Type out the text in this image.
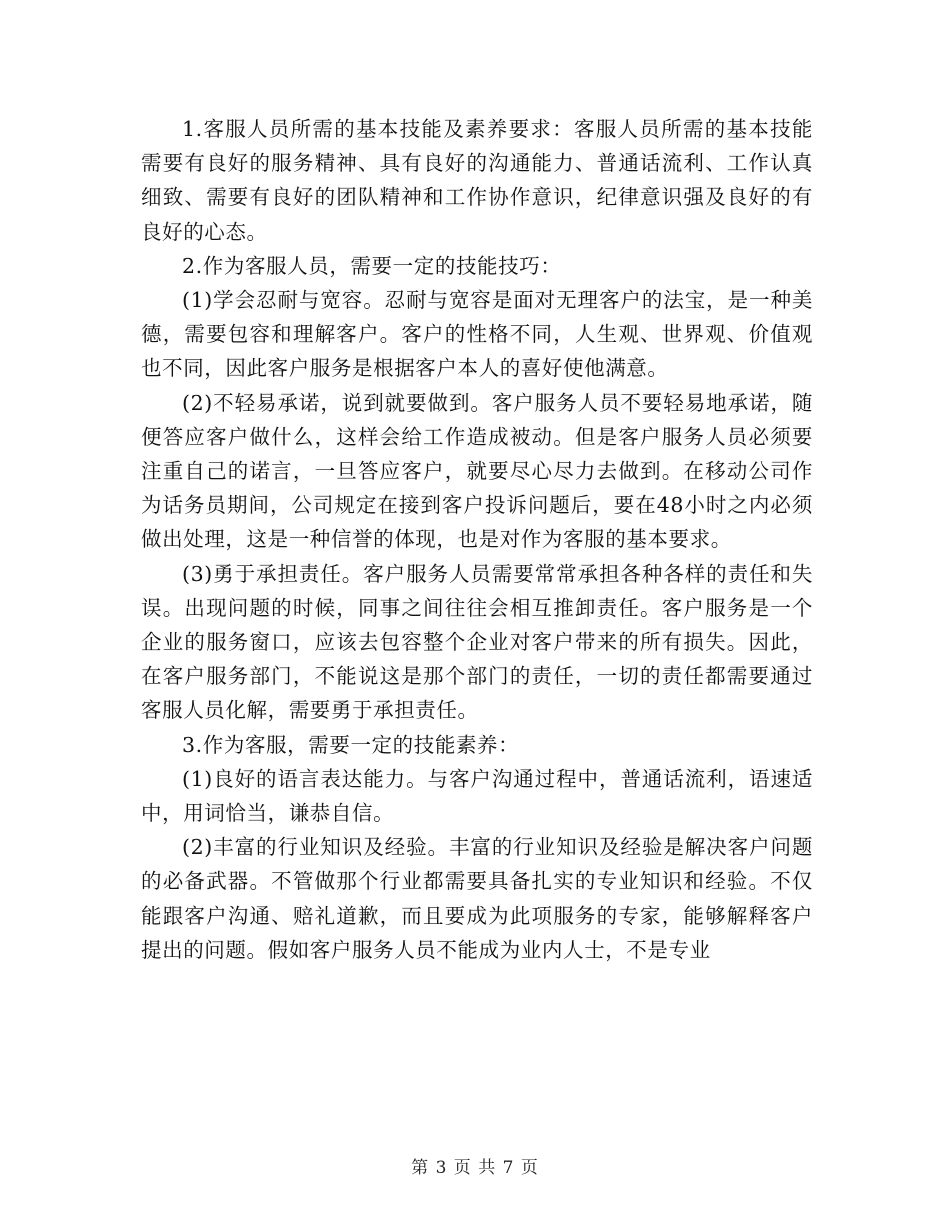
1.客服人员所需的基本技能及素养要求：客服人员所需的基本技能需要有良好的服务精神、具有良好的沟通能力、普通话流利、工作认真细致、需要有良好的团队精神和工作协作意识，纪律意识强及良好的有良好的心态。

2.作为客服人员，需要一定的技能技巧：

(1)学会忍耐与宽容。忍耐与宽容是面对无理客户的法宝，是一种美德，需要包容和理解客户。客户的性格不同，人生观、世界观、价值观也不同，因此客户服务是根据客户本人的喜好使他满意。

(2)不轻易承诺，说到就要做到。客户服务人员不要轻易地承诺，随便答应客户做什么，这样会给工作造成被动。但是客户服务人员必须要注重自己的诺言，一旦答应客户，就要尽心尽力去做到。在移动公司作为话务员期间，公司规定在接到客户投诉问题后，要在48小时之内必须做出处理，这是一种信誉的体现，也是对作为客服的基本要求。

(3)勇于承担责任。客户服务人员需要常常承担各种各样的责任和失误。出现问题的时候，同事之间往往会相互推卸责任。客户服务是一个企业的服务窗口，应该去包容整个企业对客户带来的所有损失。因此，在客户服务部门，不能说这是那个部门的责任，一切的责任都需要通过客服人员化解，需要勇于承担责任。

3.作为客服，需要一定的技能素养：

(1)良好的语言表达能力。与客户沟通过程中，普通话流利，语速适中，用词恰当，谦恭自信。

(2)丰富的行业知识及经验。丰富的行业知识及经验是解决客户问题的必备武器。不管做那个行业都需要具备扎实的专业知识和经验。不仅能跟客户沟通、赔礼道歉，而且要成为此项服务的专家，能够解释客户提出的问题。假如客户服务人员不能成为业内人士，不是专业

第 3 页 共 7 页
